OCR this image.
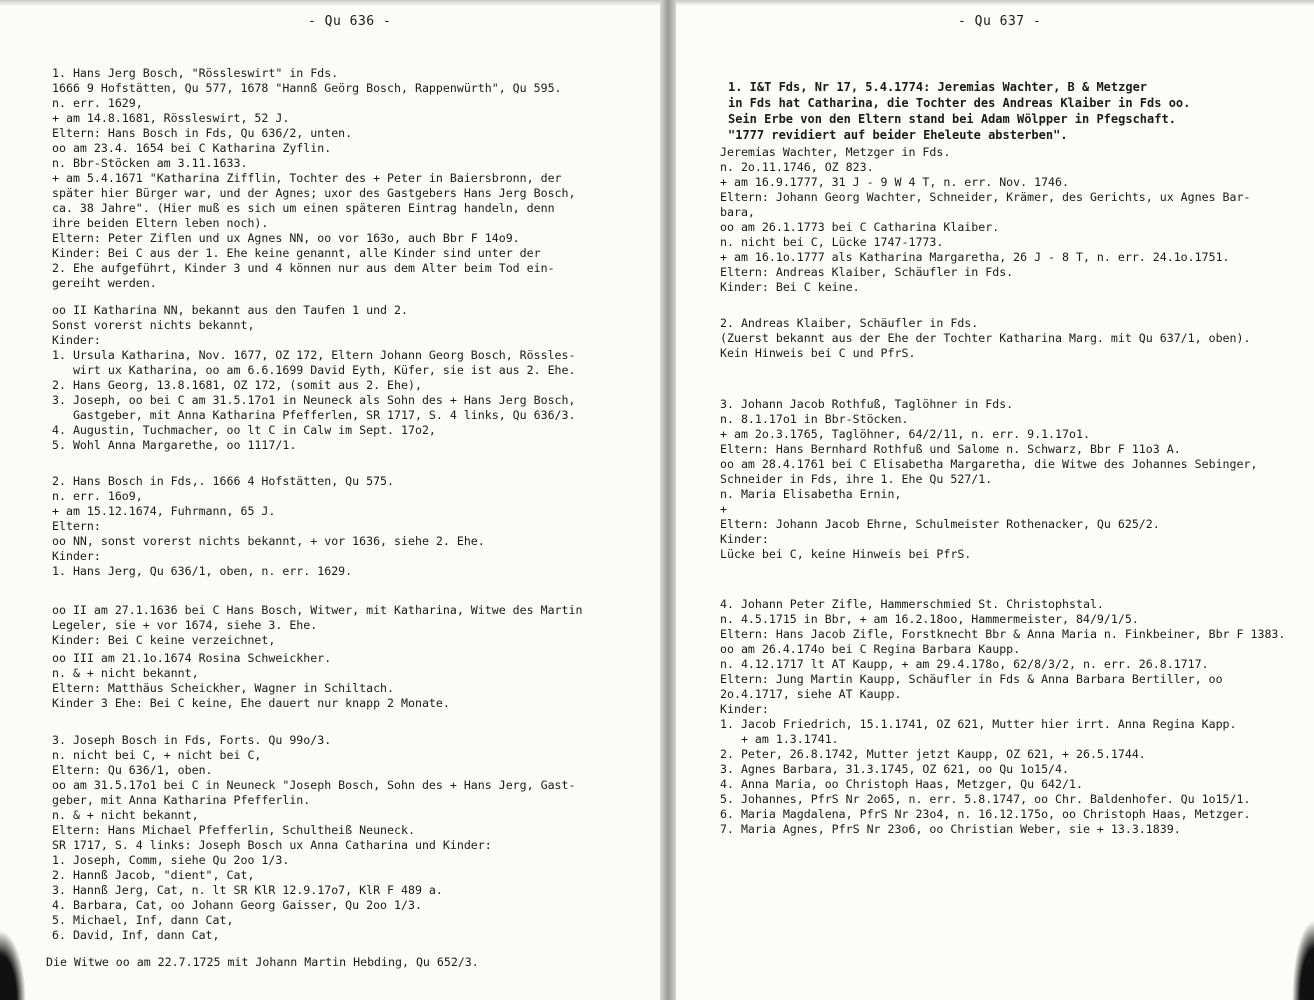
- Qu 636 -
1. Hans Jerg Bosch, "Rössleswirt" in Fds.
1666 9 Hofstätten, Qu 577, 1678 "Hannß Geörg Bosch, Rappenwürth", Qu 595.
n. err. 1629,
+ am 14.8.1681, Rössleswirt, 52 J.
Eltern: Hans Bosch in Fds, Qu 636/2, unten.
oo am 23.4. 1654 bei C Katharina Zyflin.
n. Bbr-Stöcken am 3.11.1633.
+ am 5.4.1671 "Katharina Zifflin, Tochter des + Peter in Baiersbronn, der
später hier Bürger war, und der Agnes; uxor des Gastgebers Hans Jerg Bosch,
ca. 38 Jahre". (Hier muß es sich um einen späteren Eintrag handeln, denn
ihre beiden Eltern leben noch).
Eltern: Peter Ziflen und ux Agnes NN, oo vor 163o, auch Bbr F 14o9.
Kinder: Bei C aus der 1. Ehe keine genannt, alle Kinder sind unter der
2. Ehe aufgeführt, Kinder 3 und 4 können nur aus dem Alter beim Tod ein-
gereiht werden.
oo II Katharina NN, bekannt aus den Taufen 1 und 2.
Sonst vorerst nichts bekannt,
Kinder:
1. Ursula Katharina, Nov. 1677, OZ 172, Eltern Johann Georg Bosch, Rössles-
wirt ux Katharina, oo am 6.6.1699 David Eyth, Küfer, sie ist aus 2. Ehe.
2. Hans Georg, 13.8.1681, OZ 172, (somit aus 2. Ehe),
3. Joseph, oo bei C am 31.5.17o1 in Neuneck als Sohn des + Hans Jerg Bosch,
Gastgeber, mit Anna Katharina Pfefferlen, SR 1717, S. 4 links, Qu 636/3.
4. Augustin, Tuchmacher, oo lt C in Calw im Sept. 17o2,
5. Wohl Anna Margarethe, oo 1117/1.
2. Hans Bosch in Fds,. 1666 4 Hofstätten, Qu 575.
n. err. 16o9,
+ am 15.12.1674, Fuhrmann, 65 J.
Eltern:
oo NN, sonst vorerst nichts bekannt, + vor 1636, siehe 2. Ehe.
Kinder:
1. Hans Jerg, Qu 636/1, oben, n. err. 1629.
oo II am 27.1.1636 bei C Hans Bosch, Witwer, mit Katharina, Witwe des Martin
Legeler, sie + vor 1674, siehe 3. Ehe.
Kinder: Bei C keine verzeichnet,
oo III am 21.1o.1674 Rosina Schweickher.
n. & + nicht bekannt,
Eltern: Matthäus Scheickher, Wagner in Schiltach.
Kinder 3 Ehe: Bei C keine, Ehe dauert nur knapp 2 Monate.
3. Joseph Bosch in Fds, Forts. Qu 99o/3.
n. nicht bei C, + nicht bei C,
Eltern: Qu 636/1, oben.
oo am 31.5.17o1 bei C in Neuneck "Joseph Bosch, Sohn des + Hans Jerg, Gast-
geber, mit Anna Katharina Pfefferlin.
n. & + nicht bekannt,
Eltern: Hans Michael Pfefferlin, Schultheiß Neuneck.
SR 1717, S. 4 links: Joseph Bosch ux Anna Catharina und Kinder:
1. Joseph, Comm, siehe Qu 2oo 1/3.
2. Hannß Jacob, "dient", Cat,
3. Hannß Jerg, Cat, n. lt SR KlR 12.9.17o7, KlR F 489 a.
4. Barbara, Cat, oo Johann Georg Gaisser, Qu 2oo 1/3.
5. Michael, Inf, dann Cat,
6. David, Inf, dann Cat,
Die Witwe oo am 22.7.1725 mit Johann Martin Hebding, Qu 652/3.
- Qu 637 -
1. I&T Fds, Nr 17, 5.4.1774: Jeremias Wachter, B & Metzger
in Fds hat Catharina, die Tochter des Andreas Klaiber in Fds oo.
Sein Erbe von den Eltern stand bei Adam Wölpper in Pfegschaft.
"1777 revidiert auf beider Eheleute absterben".
Jeremias Wachter, Metzger in Fds.
n. 2o.11.1746, OZ 823.
+ am 16.9.1777, 31 J - 9 W 4 T, n. err. Nov. 1746.
Eltern: Johann Georg Wachter, Schneider, Krämer, des Gerichts, ux Agnes Bar-
bara,
oo am 26.1.1773 bei C Catharina Klaiber.
n. nicht bei C, Lücke 1747-1773.
+ am 16.1o.1777 als Katharina Margaretha, 26 J - 8 T, n. err. 24.1o.1751.
Eltern: Andreas Klaiber, Schäufler in Fds.
Kinder: Bei C keine.
2. Andreas Klaiber, Schäufler in Fds.
(Zuerst bekannt aus der Ehe der Tochter Katharina Marg. mit Qu 637/1, oben).
Kein Hinweis bei C und PfrS.
3. Johann Jacob Rothfuß, Taglöhner in Fds.
n. 8.1.17o1 in Bbr-Stöcken.
+ am 2o.3.1765, Taglöhner, 64/2/11, n. err. 9.1.17o1.
Eltern: Hans Bernhard Rothfuß und Salome n. Schwarz, Bbr F 11o3 A.
oo am 28.4.1761 bei C Elisabetha Margaretha, die Witwe des Johannes Sebinger,
Schneider in Fds, ihre 1. Ehe Qu 527/1.
n. Maria Elisabetha Ernin,
+
Eltern: Johann Jacob Ehrne, Schulmeister Rothenacker, Qu 625/2.
Kinder:
Lücke bei C, keine Hinweis bei PfrS.
4. Johann Peter Zifle, Hammerschmied St. Christophstal.
n. 4.5.1715 in Bbr, + am 16.2.18oo, Hammermeister, 84/9/1/5.
Eltern: Hans Jacob Zifle, Forstknecht Bbr & Anna Maria n. Finkbeiner, Bbr F 1383.
oo am 26.4.174o bei C Regina Barbara Kaupp.
n. 4.12.1717 lt AT Kaupp, + am 29.4.178o, 62/8/3/2, n. err. 26.8.1717.
Eltern: Jung Martin Kaupp, Schäufler in Fds & Anna Barbara Bertiller, oo
2o.4.1717, siehe AT Kaupp.
Kinder:
1. Jacob Friedrich, 15.1.1741, OZ 621, Mutter hier irrt. Anna Regina Kapp.
+ am 1.3.1741.
2. Peter, 26.8.1742, Mutter jetzt Kaupp, OZ 621, + 26.5.1744.
3. Agnes Barbara, 31.3.1745, OZ 621, oo Qu 1o15/4.
4. Anna Maria, oo Christoph Haas, Metzger, Qu 642/1.
5. Johannes, PfrS Nr 2o65, n. err. 5.8.1747, oo Chr. Baldenhofer. Qu 1o15/1.
6. Maria Magdalena, PfrS Nr 23o4, n. 16.12.175o, oo Christoph Haas, Metzger.
7. Maria Agnes, PfrS Nr 23o6, oo Christian Weber, sie + 13.3.1839.
